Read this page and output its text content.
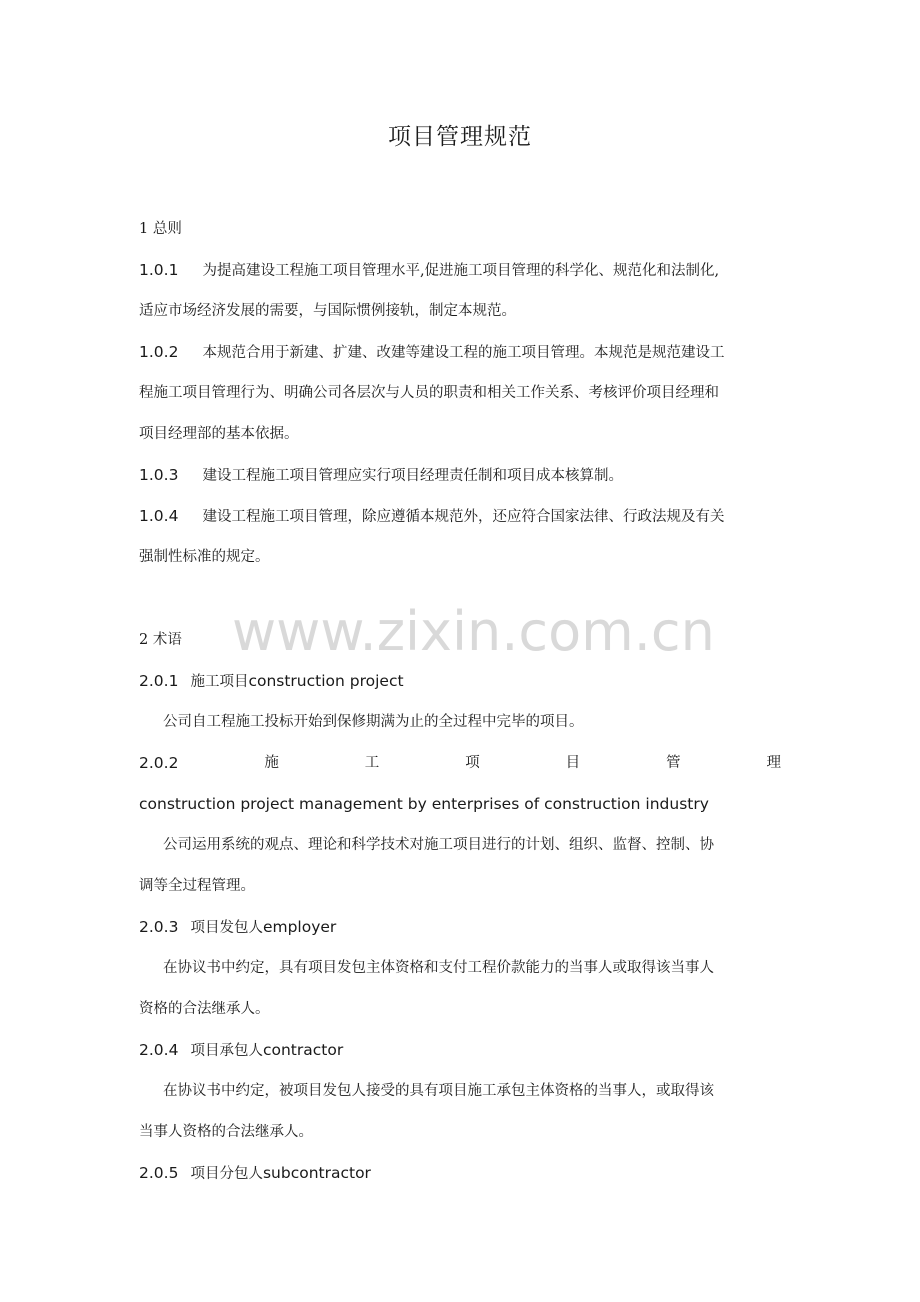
www.zixin.com.cn
项目管理规范
1 总则
1.0.1 为提高建设工程施工项目管理水平,促进施工项目管理的科学化、规范化和法制化,
适应市场经济发展的需要，与国际惯例接轨，制定本规范。
1.0.2 本规范合用于新建、扩建、改建等建设工程的施工项目管理。本规范是规范建设工
程施工项目管理行为、明确公司各层次与人员的职责和相关工作关系、考核评价项目经理和
项目经理部的基本依据。
1.0.3 建设工程施工项目管理应实行项目经理责任制和项目成本核算制。
1.0.4 建设工程施工项目管理，除应遵循本规范外，还应符合国家法律、行政法规及有关
强制性标准的规定。
2 术语
2.0.1 施工项目construction project
公司自工程施工投标开始到保修期满为止的全过程中完毕的项目。
2.0.2	施	工	项	目	管	理
construction project management by enterprises of construction industry
公司运用系统的观点、理论和科学技术对施工项目进行的计划、组织、监督、控制、协
调等全过程管理。
2.0.3 项目发包人employer
在协议书中约定，具有项目发包主体资格和支付工程价款能力的当事人或取得该当事人
资格的合法继承人。
2.0.4 项目承包人contractor
在协议书中约定，被项目发包人接受的具有项目施工承包主体资格的当事人，或取得该
当事人资格的合法继承人。
2.0.5 项目分包人subcontractor
